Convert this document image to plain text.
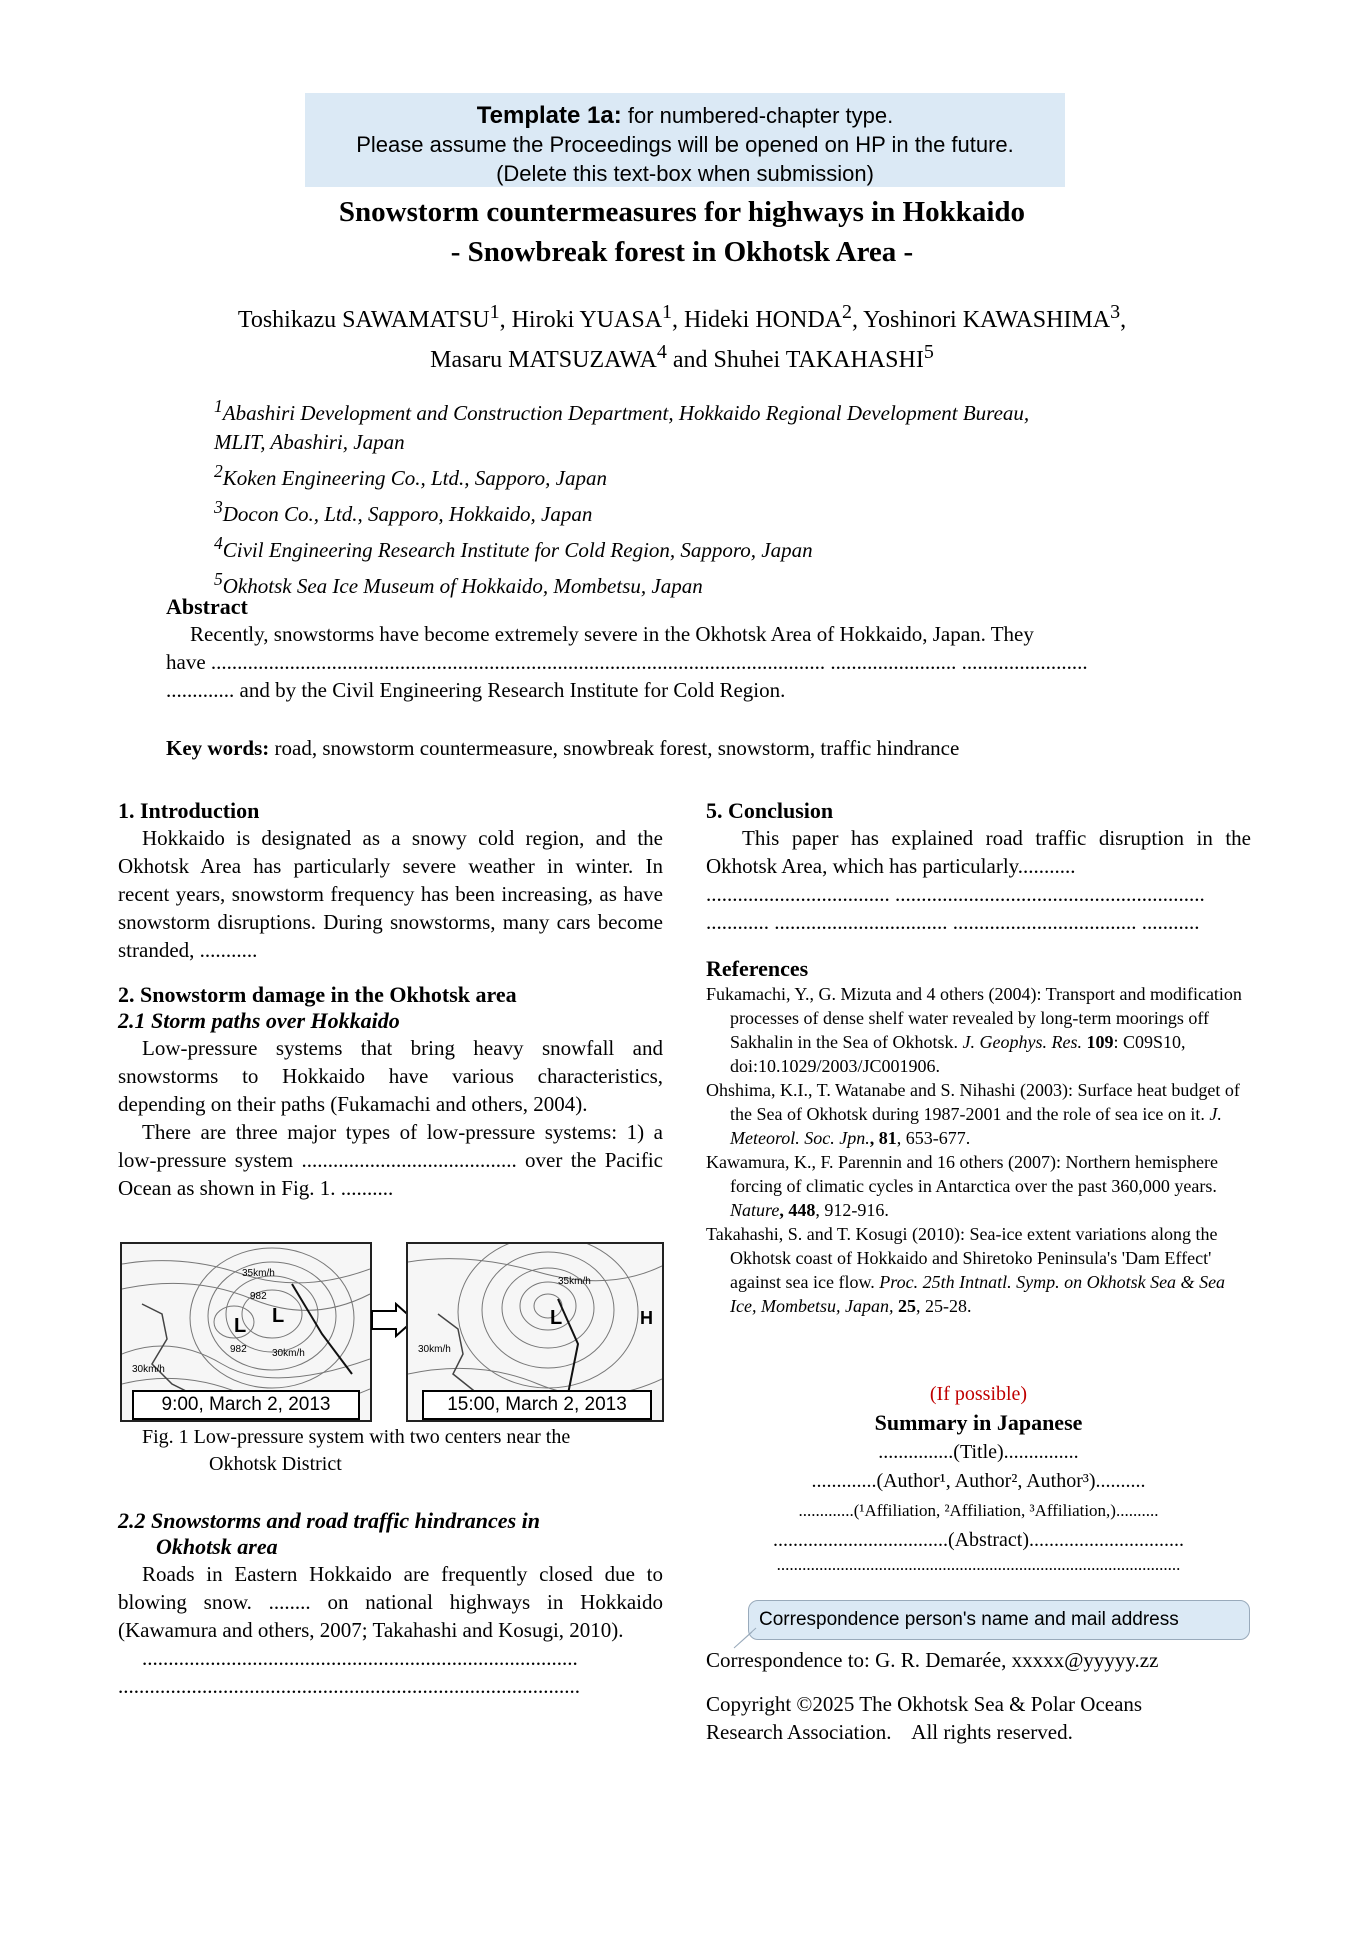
Template 1a: for numbered-chapter type.
Please assume the Proceedings will be opened on HP in the future.
(Delete this text-box when submission)
Snowstorm countermeasures for highways in Hokkaido
- Snowbreak forest in Okhotsk Area -
Toshikazu SAWAMATSU$^1$, Hiroki YUASA$^1$, Hideki HONDA$^2$, Yoshinori KAWASHIMA$^3$,
Masaru MATSUZAWA$^4$ and Shuhei TAKAHASHI$^5$
$^1$Abashiri Development and Construction Department, Hokkaido Regional Development Bureau,
MLIT, Abashiri, Japan
$^2$Koken Engineering Co., Ltd., Sapporo, Japan
$^3$Docon Co., Ltd., Sapporo, Hokkaido, Japan
$^4$Civil Engineering Research Institute for Cold Region, Sapporo, Japan
$^5$Okhotsk Sea Ice Museum of Hokkaido, Mombetsu, Japan
Abstract
Recently, snowstorms have become extremely severe in the Okhotsk Area of Hokkaido, Japan. They
have ..................................................................................................................... ........................ ........................
............. and by the Civil Engineering Research Institute for Cold Region.
Key words: road, snowstorm countermeasure, snowbreak forest, snowstorm, traffic hindrance
1. Introduction
Hokkaido is designated as a snowy cold region, and the Okhotsk Area has particularly severe weather in winter. In recent years, snowstorm frequency has been increasing, as have snowstorm disruptions. During snowstorms, many cars become stranded, ...........
2. Snowstorm damage in the Okhotsk area
2.1 Storm paths over Hokkaido
Low-pressure systems that bring heavy snowfall and snowstorms to Hokkaido have various characteristics, depending on their paths (Fukamachi and others, 2004).
There are three major types of low-pressure systems: 1) a low-pressure system ......................................... over the Pacific Ocean as shown in Fig. 1. ..........
L L
35km/h
982
982
30km/h
30km/h
L	H
35km/h
30km/h
9:00, March 2, 2013	15:00, March 2, 2013
Fig. 1 Low-pressure system with two centers near the
Okhotsk District
2.2 Snowstorms and road traffic hindrances in
Okhotsk area
Roads in Eastern Hokkaido are frequently closed due to blowing snow. ........ on national highways in Hokkaido (Kawamura and others, 2007; Takahashi and Kosugi, 2010).
...................................................................................
........................................................................................
5. Conclusion
This paper has explained road traffic disruption in the Okhotsk Area, which has particularly...........
................................... ...........................................................
............ ................................. ................................... ...........
References

Fukamachi, Y., G. Mizuta and 4 others (2004): Transport and modification processes of dense shelf water revealed by long-term moorings off Sakhalin in the Sea of Okhotsk. J. Geophys. Res. 109: C09S10, doi:10.1029/2003/JC001906.

Ohshima, K.I., T. Watanabe and S. Nihashi (2003): Surface heat budget of the Sea of Okhotsk during 1987-2001 and the role of sea ice on it. J. Meteorol. Soc. Jpn., 81, 653-677.

Kawamura, K., F. Parennin and 16 others (2007): Northern hemisphere forcing of climatic cycles in Antarctica over the past 360,000 years. Nature, 448, 912-916.

Takahashi, S. and T. Kosugi (2010): Sea-ice extent variations along the Okhotsk coast of Hokkaido and Shiretoko Peninsula's 'Dam Effect' against sea ice flow. Proc. 25th Intnatl. Symp. on Okhotsk Sea & Sea Ice, Mombetsu, Japan, 25, 25-28.

(If possible)
Summary in Japanese
...............(Title)...............
.............(Author¹, Author², Author³)..........
.............(¹Affiliation, ²Affiliation, ³Affiliation,)..........
...................................(Abstract)...............................
...............................................................................................
Correspondence person's name and mail address
Correspondence to: G. R. Demarée, xxxxx@yyyyy.zz
Copyright ©2025 The Okhotsk Sea & Polar Oceans
Research Association.    All rights reserved.
